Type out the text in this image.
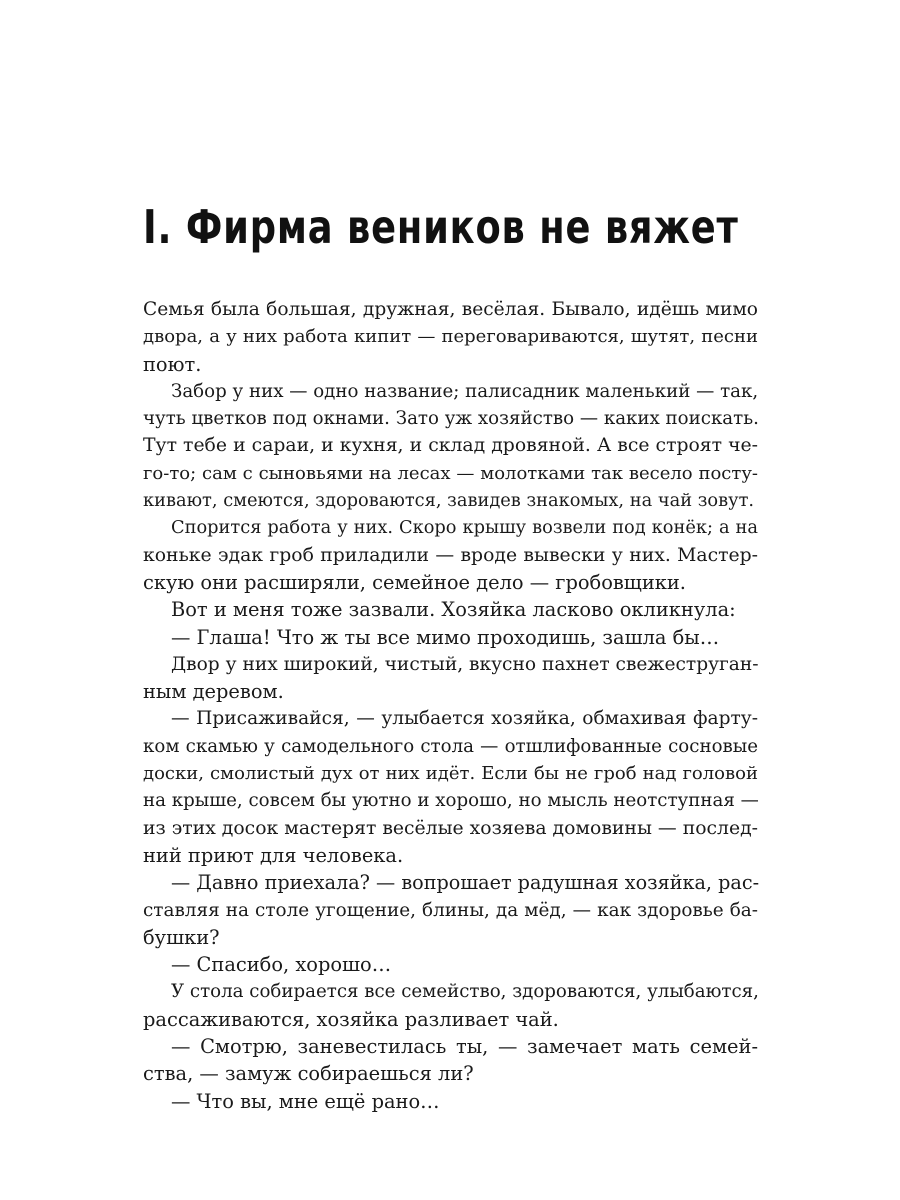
I. Фирма веников не вяжет
Семья была большая, дружная, весёлая. Бывало, идёшь мимо
двора, а у них работа кипит — переговариваются, шутят, песни
поют.
Забор у них — одно название; палисадник маленький — так,
чуть цветков под окнами. Зато уж хозяйство — каких поискать.
Тут тебе и сараи, и кухня, и склад дровяной. А все строят че-
го-то; сам с сыновьями на лесах — молотками так весело посту-
кивают, смеются, здороваются, завидев знакомых, на чай зовут.
Спорится работа у них. Скоро крышу возвели под конёк; а на
коньке эдак гроб приладили — вроде вывески у них. Мастер-
скую они расширяли, семейное дело — гробовщики.
Вот и меня тоже зазвали. Хозяйка ласково окликнула:
— Глаша! Что ж ты все мимо проходишь, зашла бы…
Двор у них широкий, чистый, вкусно пахнет свежеструган-
ным деревом.
— Присаживайся, — улыбается хозяйка, обмахивая фарту-
ком скамью у самодельного стола — отшлифованные сосновые
доски, смолистый дух от них идёт. Если бы не гроб над головой
на крыше, совсем бы уютно и хорошо, но мысль неотступная —
из этих досок мастерят весёлые хозяева домовины — послед-
ний приют для человека.
— Давно приехала? — вопрошает радушная хозяйка, рас-
ставляя на столе угощение, блины, да мёд, — как здоровье ба-
бушки?
— Спасибо, хорошо…
У стола собирается все семейство, здороваются, улыбаются,
рассаживаются, хозяйка разливает чай.
— Смотрю, заневестилась ты, — замечает мать семей-
ства, — замуж собираешься ли?
— Что вы, мне ещё рано…
